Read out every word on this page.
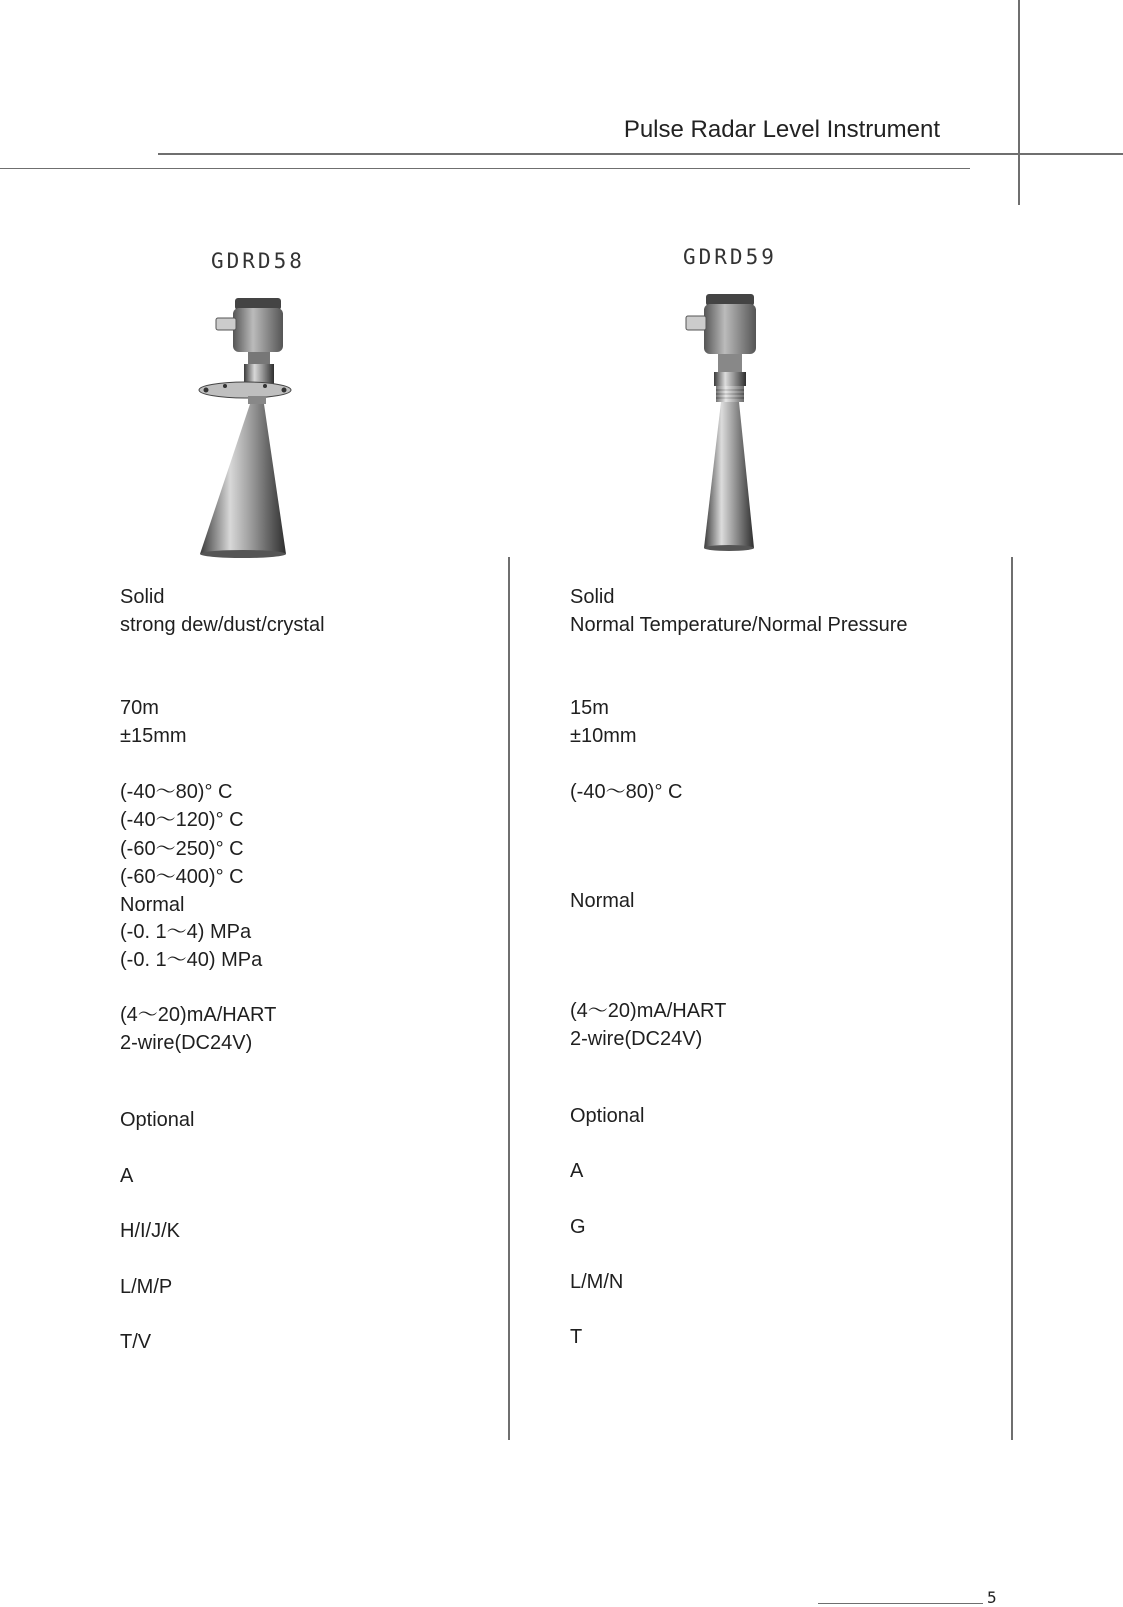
Pulse Radar Level Instrument
GDRD58	GDRD59
Solid
strong dew/dust/crystal
70m
±15mm
(-40～80)° C
(-40～120)° C
(-60～250)° C
(-60～400)° C
Normal
(-0. 1～4) MPa
(-0. 1～40) MPa
(4～20)mA/HART
2-wire(DC24V)
Optional
A
H/I/J/K
L/M/P
T/V
Solid
Normal Temperature/Normal Pressure
15m
±10mm
(-40～80)° C
Normal
(4～20)mA/HART
2-wire(DC24V)
Optional
A
G
L/M/N
T
5
